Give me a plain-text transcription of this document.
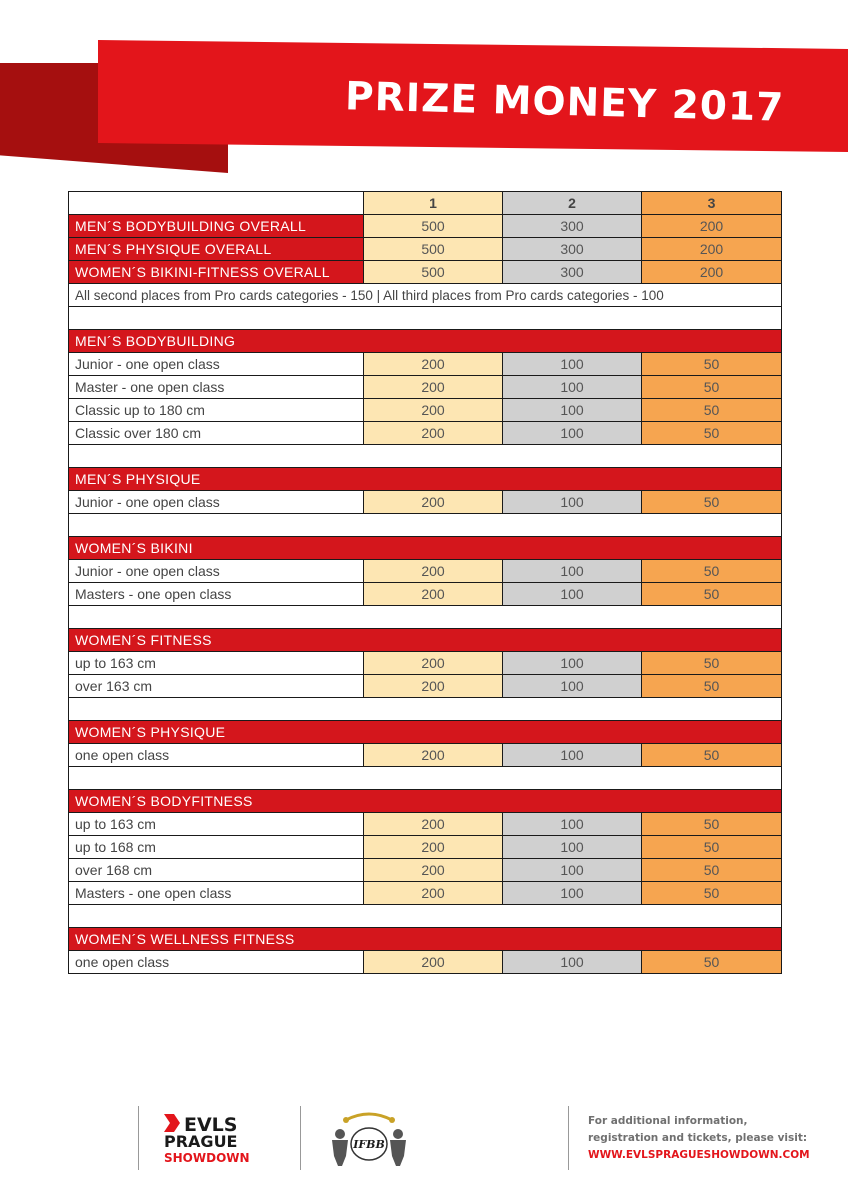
PRIZE MONEY 2017
	1	2	3
MEN´S BODYBUILDING OVERALL	500	300	200
MEN´S PHYSIQUE OVERALL	500	300	200
WOMEN´S BIKINI-FITNESS OVERALL	500	300	200
All second places from Pro cards categories - 150 | All third places from Pro cards categories - 100			

MEN´S BODYBUILDING			
Junior - one open class	200	100	50
Master - one open class	200	100	50
Classic up to 180 cm	200	100	50
Classic over 180 cm	200	100	50

MEN´S PHYSIQUE			
Junior - one open class	200	100	50

WOMEN´S BIKINI			
Junior - one open class	200	100	50
Masters - one open class	200	100	50

WOMEN´S FITNESS			
up to 163 cm	200	100	50
over 163 cm	200	100	50

WOMEN´S PHYSIQUE			
one open class	200	100	50

WOMEN´S BODYFITNESS			
up to 163 cm	200	100	50
up to 168 cm	200	100	50
over 168 cm	200	100	50
Masters - one open class	200	100	50

WOMEN´S WELLNESS FITNESS			
one open class	200	100	50
EVLS
PRAGUE
SHOWDOWN
IFBB
For additional information,
registration and tickets, please visit:
WWW.EVLSPRAGUESHOWDOWN.COM
